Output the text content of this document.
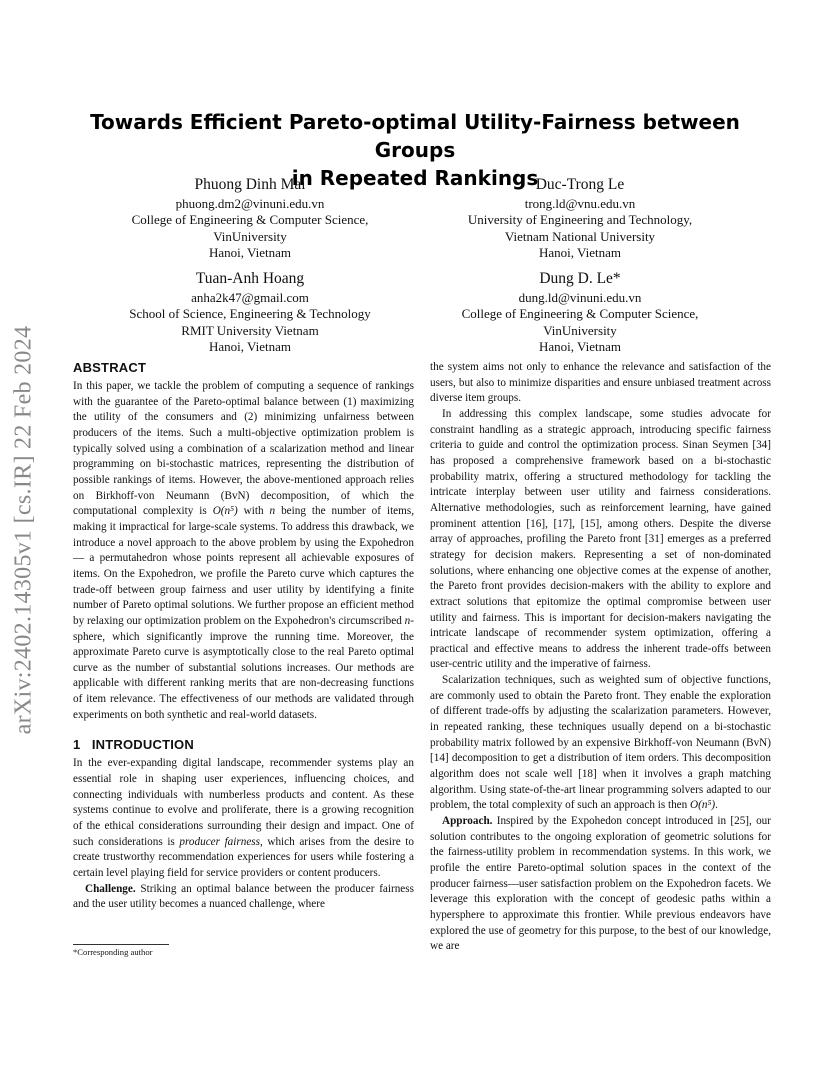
arXiv:2402.14305v1 [cs.IR] 22 Feb 2024
Towards Efficient Pareto-optimal Utility-Fairness between Groups
in Repeated Rankings
Phuong Dinh Mai
phuong.dm2@vinuni.edu.vn
College of Engineering & Computer Science,
VinUniversity
Hanoi, Vietnam
Duc-Trong Le
trong.ld@vnu.edu.vn
University of Engineering and Technology,
Vietnam National University
Hanoi, Vietnam
Tuan-Anh Hoang
anha2k47@gmail.com
School of Science, Engineering & Technology
RMIT University Vietnam
Hanoi, Vietnam
Dung D. Le*
dung.ld@vinuni.edu.vn
College of Engineering & Computer Science,
VinUniversity
Hanoi, Vietnam
ABSTRACT

In this paper, we tackle the problem of computing a sequence of rankings with the guarantee of the Pareto-optimal balance between (1) maximizing the utility of the consumers and (2) minimizing unfairness between producers of the items. Such a multi-objective optimization problem is typically solved using a combination of a scalarization method and linear programming on bi-stochastic matrices, representing the distribution of possible rankings of items. However, the above-mentioned approach relies on Birkhoff-von Neumann (BvN) decomposition, of which the computational complexity is O(n⁵) with n being the number of items, making it impractical for large-scale systems. To address this drawback, we introduce a novel approach to the above problem by using the Expohedron — a permutahedron whose points represent all achievable exposures of items. On the Expohedron, we profile the Pareto curve which captures the trade-off between group fairness and user utility by identifying a finite number of Pareto optimal solutions. We further propose an efficient method by relaxing our optimization problem on the Expohedron's circumscribed n-sphere, which significantly improve the running time. Moreover, the approximate Pareto curve is asymptotically close to the real Pareto optimal curve as the number of substantial solutions increases. Our methods are applicable with different ranking merits that are non-decreasing functions of item relevance. The effectiveness of our methods are validated through experiments on both synthetic and real-world datasets.

1   INTRODUCTION

In the ever-expanding digital landscape, recommender systems play an essential role in shaping user experiences, influencing choices, and connecting individuals with numberless products and content. As these systems continue to evolve and proliferate, there is a growing recognition of the ethical considerations surrounding their design and impact. One of such considerations is producer fairness, which arises from the desire to create trustworthy recommendation experiences for users while fostering a certain level playing field for service providers or content producers.

Challenge. Striking an optimal balance between the producer fairness and the user utility becomes a nuanced challenge, where

*Corresponding author

the system aims not only to enhance the relevance and satisfaction of the users, but also to minimize disparities and ensure unbiased treatment across diverse item groups.

In addressing this complex landscape, some studies advocate for constraint handling as a strategic approach, introducing specific fairness criteria to guide and control the optimization process. Sinan Seymen [34] has proposed a comprehensive framework based on a bi-stochastic probability matrix, offering a structured methodology for tackling the intricate interplay between user utility and fairness considerations. Alternative methodologies, such as reinforcement learning, have gained prominent attention [16], [17], [15], among others. Despite the diverse array of approaches, profiling the Pareto front [31] emerges as a preferred strategy for decision makers. Representing a set of non-dominated solutions, where enhancing one objective comes at the expense of another, the Pareto front provides decision-makers with the ability to explore and extract solutions that epitomize the optimal compromise between user utility and fairness. This is important for decision-makers navigating the intricate landscape of recommender system optimization, offering a practical and effective means to address the inherent trade-offs between user-centric utility and the imperative of fairness.

Scalarization techniques, such as weighted sum of objective functions, are commonly used to obtain the Pareto front. They enable the exploration of different trade-offs by adjusting the scalarization parameters. However, in repeated ranking, these techniques usually depend on a bi-stochastic probability matrix followed by an expensive Birkhoff-von Neumann (BvN) [14] decomposition to get a distribution of item orders. This decomposition algorithm does not scale well [18] when it involves a graph matching algorithm. Using state-of-the-art linear programming solvers adapted to our problem, the total complexity of such an approach is then O(n⁵).

Approach. Inspired by the Expohedon concept introduced in [25], our solution contributes to the ongoing exploration of geometric solutions for the fairness-utility problem in recommendation systems. In this work, we profile the entire Pareto-optimal solution spaces in the context of the producer fairness—user satisfaction problem on the Expohedron facets. We leverage this exploration with the concept of geodesic paths within a hypersphere to approximate this frontier. While previous endeavors have explored the use of geometry for this purpose, to the best of our knowledge, we are
